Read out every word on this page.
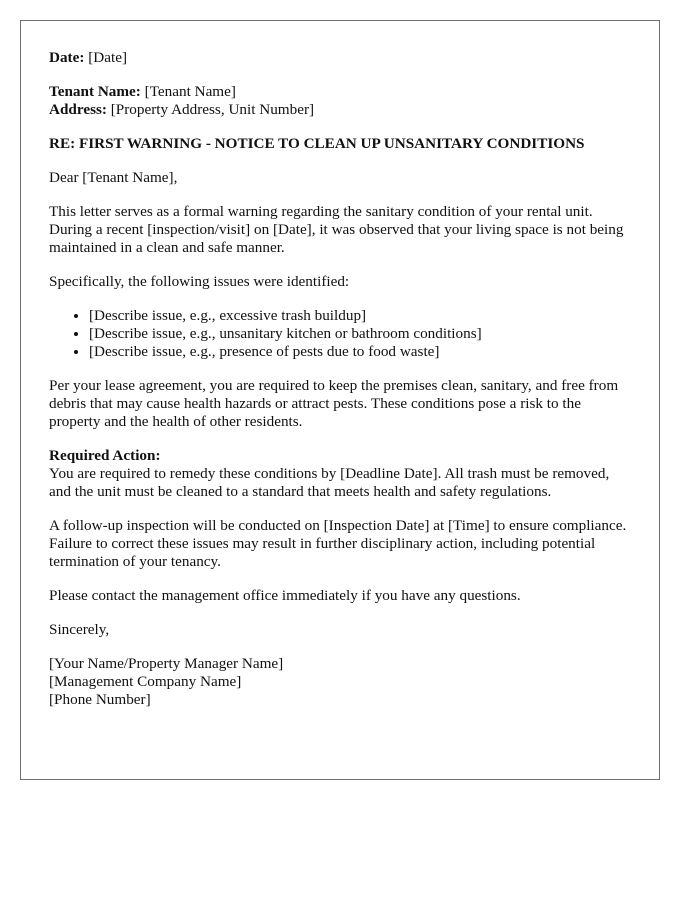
Date: [Date]

Tenant Name: [Tenant Name]

Address: [Property Address, Unit Number]

RE: FIRST WARNING - NOTICE TO CLEAN UP UNSANITARY CONDITIONS

Dear [Tenant Name],

This letter serves as a formal warning regarding the sanitary condition of your rental unit. During a recent [inspection/visit] on [Date], it was observed that your living space is not being maintained in a clean and safe manner.

Specifically, the following issues were identified:

• [Describe issue, e.g., excessive trash buildup]
• [Describe issue, e.g., unsanitary kitchen or bathroom conditions]
• [Describe issue, e.g., presence of pests due to food waste]

Per your lease agreement, you are required to keep the premises clean, sanitary, and free from debris that may cause health hazards or attract pests. These conditions pose a risk to the property and the health of other residents.

Required Action:

You are required to remedy these conditions by [Deadline Date]. All trash must be removed, and the unit must be cleaned to a standard that meets health and safety regulations.

A follow-up inspection will be conducted on [Inspection Date] at [Time] to ensure compliance. Failure to correct these issues may result in further disciplinary action, including potential termination of your tenancy.

Please contact the management office immediately if you have any questions.

Sincerely,

[Your Name/Property Manager Name]

[Management Company Name]

[Phone Number]
